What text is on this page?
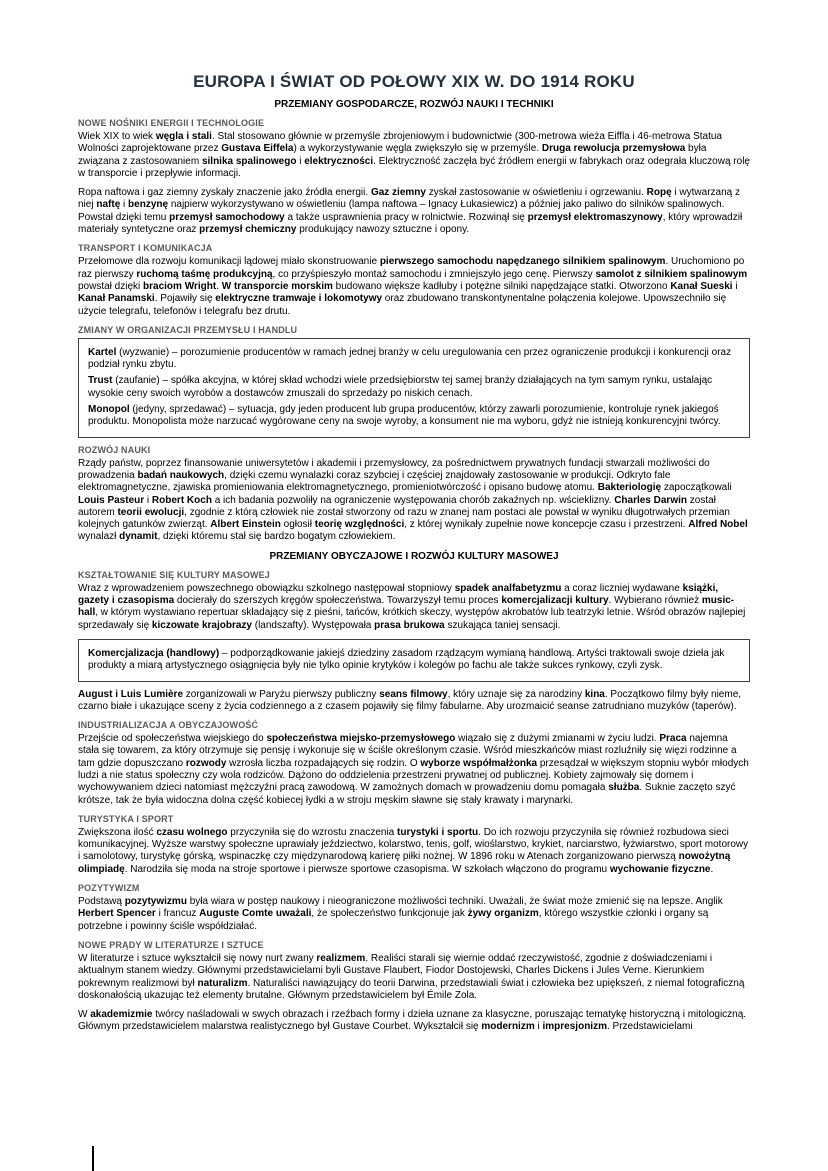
EUROPA I ŚWIAT OD POŁOWY XIX W. DO 1914 ROKU
PRZEMIANY GOSPODARCZE, ROZWÓJ NAUKI I TECHNIKI
NOWE NOŚNIKI ENERGII I TECHNOLOGIE

Wiek XIX to wiek węgla i stali. Stal stosowano głównie w przemyśle zbrojeniowym i budownictwie (300-metrowa wieża Eiffla i 46-metrowa Statua Wolności zaprojektowane przez Gustava Eiffela) a wykorzystywanie węgla zwiększyło się w przemyśle. Druga rewolucja przemysłowa była związana z zastosowaniem silnika spalinowego i elektryczności. Elektryczność zaczęła być źródłem energii w fabrykach oraz odegrała kluczową rolę w transporcie i przepływie informacji.

Ropa naftowa i gaz ziemny zyskały znaczenie jako źródła energii. Gaz ziemny zyskał zastosowanie w oświetleniu i ogrzewaniu. Ropę i wytwarzaną z niej naftę i benzynę najpierw wykorzystywano w oświetleniu (lampa naftowa – Ignacy Łukasiewicz) a później jako paliwo do silników spalinowych. Powstał dzięki temu przemysł samochodowy a także usprawnienia pracy w rolnictwie. Rozwinął się przemysł elektromaszynowy, który wprowadził materiały syntetyczne oraz przemysł chemiczny produkujący nawozy sztuczne i opony.

TRANSPORT I KOMUNIKACJA

Przełomowe dla rozwoju komunikacji lądowej miało skonstruowanie pierwszego samochodu napędzanego silnikiem spalinowym. Uruchomiono po raz pierwszy ruchomą taśmę produkcyjną, co przyśpieszyło montaż samochodu i zmniejszyło jego cenę. Pierwszy samolot z silnikiem spalinowym powstał dzięki braciom Wright. W transporcie morskim budowano większe kadłuby i potężne silniki napędzające statki. Otworzono Kanał Sueski i Kanał Panamski. Pojawiły się elektryczne tramwaje i lokomotywy oraz zbudowano transkontynentalne połączenia kolejowe. Upowszechniło się użycie telegrafu, telefonów i telegrafu bez drutu.

ZMIANY W ORGANIZACJI PRZEMYSŁU I HANDLU

Kartel (wyzwanie) – porozumienie producentów w ramach jednej branży w celu uregulowania cen przez ograniczenie produkcji i konkurencji oraz podział rynku zbytu.

Trust (zaufanie) – spółka akcyjna, w której skład wchodzi wiele przedsiębiorstw tej samej branży działających na tym samym rynku, ustalając wysokie ceny swoich wyrobów a dostawców zmuszali do sprzedaży po niskich cenach.

Monopol (jedyny, sprzedawać) – sytuacja, gdy jeden producent lub grupa producentów, którzy zawarli porozumienie, kontroluje rynek jakiegoś produktu. Monopolista może narzucać wygórowane ceny na swoje wyroby, a konsument nie ma wyboru, gdyż nie istnieją konkurencyjni twórcy.

ROZWÓJ NAUKI

Rządy państw, poprzez finansowanie uniwersytetów i akademii i przemysłowcy, za pośrednictwem prywatnych fundacji stwarzali możliwości do prowadzenia badań naukowych, dzięki czemu wynalazki coraz szybciej i częściej znajdowały zastosowanie w produkcji. Odkryto fale elektromagnetyczne, zjawiska promieniowania elektromagnetycznego, promieniotwórczość i opisano budowę atomu. Bakteriologię zapoczątkowali Louis Pasteur i Robert Koch a ich badania pozwoliły na ograniczenie występowania chorób zakaźnych np. wścieklizny. Charles Darwin został autorem teorii ewolucji, zgodnie z którą człowiek nie został stworzony od razu w znanej nam postaci ale powstał w wyniku długotrwałych przemian kolejnych gatunków zwierząt. Albert Einstein ogłosił teorię względności, z której wynikały zupełnie nowe koncepcje czasu i przestrzeni. Alfred Nobel wynalazł dynamit, dzięki któremu stał się bardzo bogatym człowiekiem.

PRZEMIANY OBYCZAJOWE I ROZWÓJ KULTURY MASOWEJ
KSZTAŁTOWANIE SIĘ KULTURY MASOWEJ

Wraz z wprowadzeniem powszechnego obowiązku szkolnego następował stopniowy spadek analfabetyzmu a coraz liczniej wydawane książki, gazety i czasopisma docierały do szerszych kręgów społeczeństwa. Towarzyszył temu proces komercjalizacji kultury. Wybierano również music-hall, w którym wystawiano repertuar składający się z pieśni, tańców, krótkich skeczy, występów akrobatów lub teatrzyki letnie. Wśród obrazów najlepiej sprzedawały się kiczowate krajobrazy (landszafty). Występowała prasa brukowa szukająca taniej sensacji.

Komercjalizacja (handlowy) – podporządkowanie jakiejś dziedziny zasadom rządzącym wymianą handlową. Artyści traktowali swoje dzieła jak produkty a miarą artystycznego osiągnięcia były nie tylko opinie krytyków i kolegów po fachu ale także sukces rynkowy, czyli zysk.

August i Luis Lumière zorganizowali w Paryżu pierwszy publiczny seans filmowy, który uznaje się za narodziny kina. Początkowo filmy były nieme, czarno białe i ukazujące sceny z życia codziennego a z czasem pojawiły się filmy fabularne. Aby urozmaicić seanse zatrudniano muzyków (taperów).

INDUSTRIALIZACJA A OBYCZAJOWOŚĆ

Przejście od społeczeństwa wiejskiego do społeczeństwa miejsko-przemysłowego wiązało się z dużymi zmianami w życiu ludzi. Praca najemna stała się towarem, za który otrzymuje się pensję i wykonuje się w ściśle określonym czasie. Wśród mieszkańców miast rozluźniły się więzi rodzinne a tam gdzie dopuszczano rozwody wzrosła liczba rozpadających się rodzin. O wyborze współmałżonka przesądzał w większym stopniu wybór młodych ludzi a nie status społeczny czy wola rodziców. Dążono do oddzielenia przestrzeni prywatnej od publicznej. Kobiety zajmowały się domem i wychowywaniem dzieci natomiast mężczyźni pracą zawodową. W zamożnych domach w prowadzeniu domu pomagała służba. Suknie zaczęto szyć krótsze, tak że była widoczna dolna część kobiecej łydki a w stroju męskim sławne się stały krawaty i marynarki.

TURYSTYKA I SPORT

Zwiększona ilość czasu wolnego przyczyniła się do wzrostu znaczenia turystyki i sportu. Do ich rozwoju przyczyniła się również rozbudowa sieci komunikacyjnej. Wyższe warstwy społeczne uprawiały jeździectwo, kolarstwo, tenis, golf, wioślarstwo, krykiet, narciarstwo, łyżwiarstwo, sport motorowy i samolotowy, turystykę górską, wspinaczkę czy międzynarodową karierę piłki nożnej. W 1896 roku w Atenach zorganizowano pierwszą nowożytną olimpiadę. Narodziła się moda na stroje sportowe i pierwsze sportowe czasopisma. W szkołach włączono do programu wychowanie fizyczne.

POZYTYWIZM

Podstawą pozytywizmu była wiara w postęp naukowy i nieograniczone możliwości techniki. Uważali, że świat może zmienić się na lepsze. Anglik Herbert Spencer i francuz Auguste Comte uważali, że społeczeństwo funkcjonuje jak żywy organizm, którego wszystkie członki i organy są potrzebne i powinny ściśle współdziałać.

NOWE PRĄDY W LITERATURZE I SZTUCE

W literaturze i sztuce wykształcił się nowy nurt zwany realizmem. Realiści starali się wiernie oddać rzeczywistość, zgodnie z doświadczeniami i aktualnym stanem wiedzy. Głównymi przedstawicielami byli Gustave Flaubert, Fiodor Dostojewski, Charles Dickens i Jules Verne. Kierunkiem pokrewnym realizmowi był naturalizm. Naturaliści nawiązujący do teorii Darwina, przedstawiali świat i człowieka bez upiększeń, z niemal fotograficzną doskonałością ukazując też elementy brutalne. Głównym przedstawicielem był Émile Zola.

W akademizmie twórcy naśladowali w swych obrazach i rzeźbach formy i dzieła uznane za klasyczne, poruszając tematykę historyczną i mitologiczną. Głównym przedstawicielem malarstwa realistycznego był Gustave Courbet. Wykształcił się modernizm i impresjonizm. Przedstawicielami
